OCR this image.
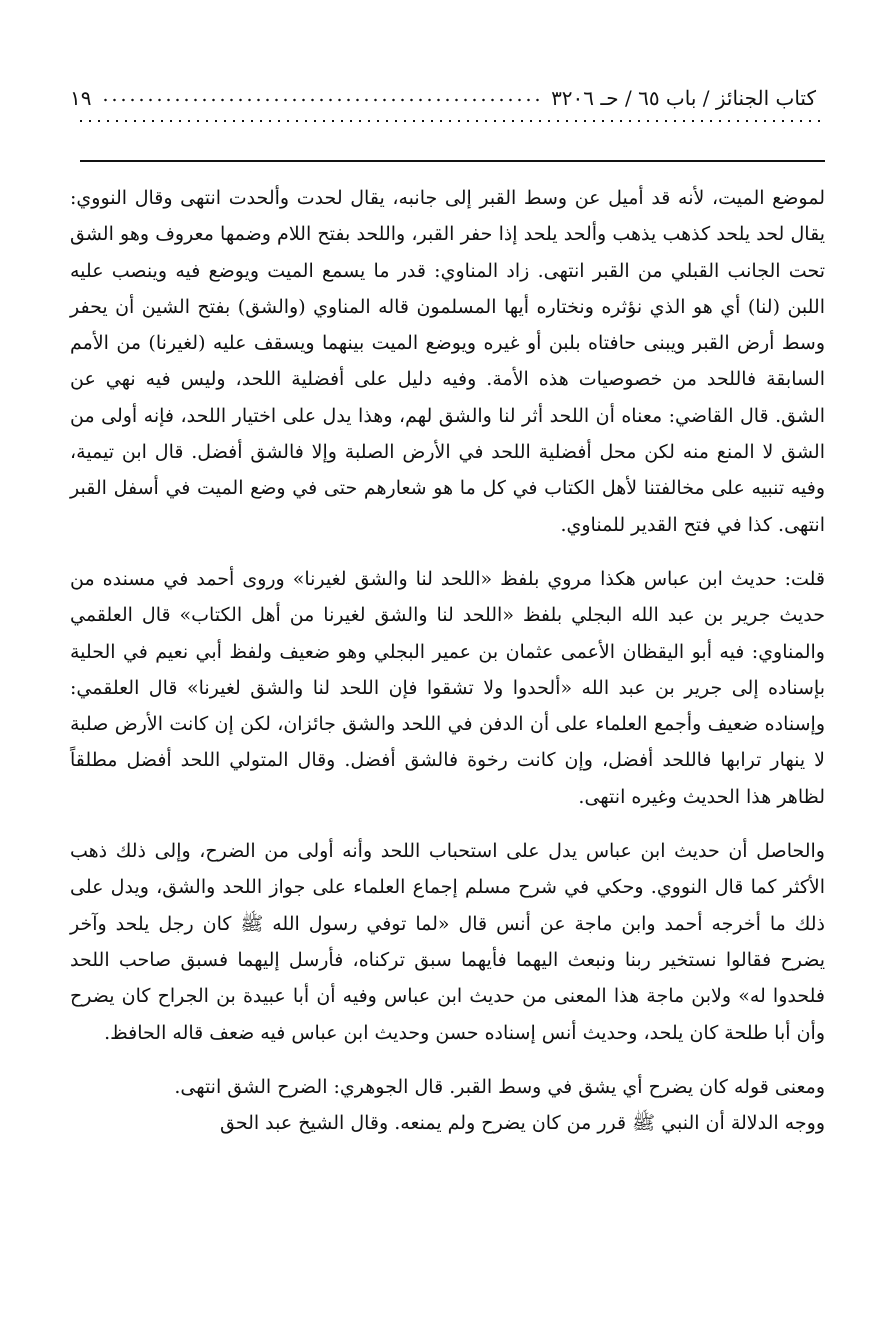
كتاب الجنائز / باب ٦٥ / حـ ٣٢٠٦
١٩

لموضع الميت، لأنه قد أميل عن وسط القبر إلى جانبه، يقال لحدت وألحدت انتهى وقال النووي: يقال لحد يلحد كذهب يذهب وألحد يلحد إذا حفر القبر، واللحد بفتح اللام وضمها معروف وهو الشق تحت الجانب القبلي من القبر انتهى. زاد المناوي: قدر ما يسمع الميت ويوضع فيه وينصب عليه اللبن (لنا) أي هو الذي نؤثره ونختاره أيها المسلمون قاله المناوي (والشق) بفتح الشين أن يحفر وسط أرض القبر ويبنى حافتاه بلبن أو غيره ويوضع الميت بينهما ويسقف عليه (لغيرنا) من الأمم السابقة فاللحد من خصوصيات هذه الأمة. وفيه دليل على أفضلية اللحد، وليس فيه نهي عن الشق. قال القاضي: معناه أن اللحد أثر لنا والشق لهم، وهذا يدل على اختيار اللحد، فإنه أولى من الشق لا المنع منه لكن محل أفضلية اللحد في الأرض الصلبة وإلا فالشق أفضل. قال ابن تيمية، وفيه تنبيه على مخالفتنا لأهل الكتاب في كل ما هو شعارهم حتى في وضع الميت في أسفل القبر انتهى. كذا في فتح القدير للمناوي.

قلت: حديث ابن عباس هكذا مروي بلفظ «اللحد لنا والشق لغيرنا» وروى أحمد في مسنده من حديث جرير بن عبد الله البجلي بلفظ «اللحد لنا والشق لغيرنا من أهل الكتاب» قال العلقمي والمناوي: فيه أبو اليقظان الأعمى عثمان بن عمير البجلي وهو ضعيف ولفظ أبي نعيم في الحلية بإسناده إلى جرير بن عبد الله «ألحدوا ولا تشقوا فإن اللحد لنا والشق لغيرنا» قال العلقمي: وإسناده ضعيف وأجمع العلماء على أن الدفن في اللحد والشق جائزان، لكن إن كانت الأرض صلبة لا ينهار ترابها فاللحد أفضل، وإن كانت رخوة فالشق أفضل. وقال المتولي اللحد أفضل مطلقاً لظاهر هذا الحديث وغيره انتهى.

والحاصل أن حديث ابن عباس يدل على استحباب اللحد وأنه أولى من الضرح، وإلى ذلك ذهب الأكثر كما قال النووي. وحكي في شرح مسلم إجماع العلماء على جواز اللحد والشق، ويدل على ذلك ما أخرجه أحمد وابن ماجة عن أنس قال «لما توفي رسول الله ﷺ كان رجل يلحد وآخر يضرح فقالوا نستخير ربنا ونبعث اليهما فأيهما سبق تركناه، فأرسل إليهما فسبق صاحب اللحد فلحدوا له» ولابن ماجة هذا المعنى من حديث ابن عباس وفيه أن أبا عبيدة بن الجراح كان يضرح وأن أبا طلحة كان يلحد، وحديث أنس إسناده حسن وحديث ابن عباس فيه ضعف قاله الحافظ.

ومعنى قوله كان يضرح أي يشق في وسط القبر. قال الجوهري: الضرح الشق انتهى.

ووجه الدلالة أن النبي ﷺ قرر من كان يضرح ولم يمنعه. وقال الشيخ عبد الحق
